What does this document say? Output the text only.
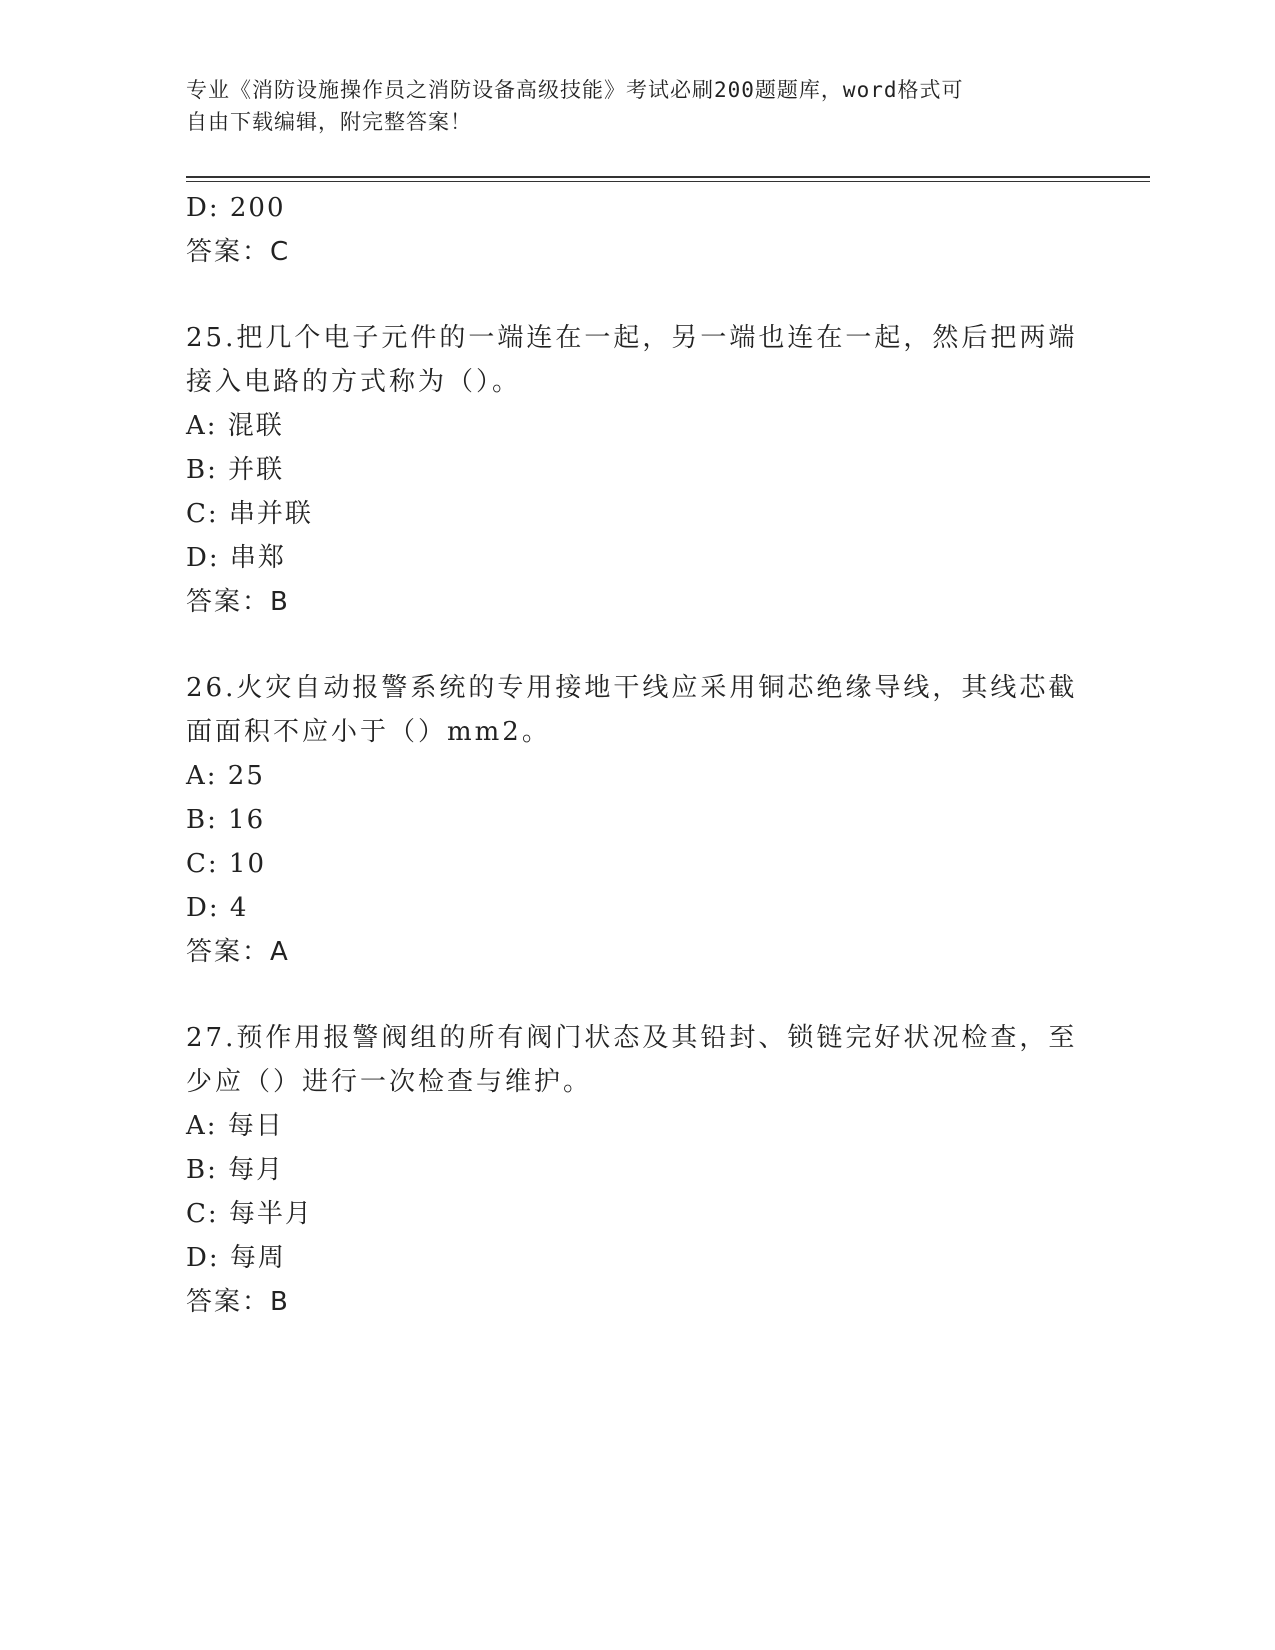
专业《消防设施操作员之消防设备高级技能》考试必刷200题题库，word格式可
自由下载编辑，附完整答案！
D: 200
答案：C
25.把几个电子元件的一端连在一起，另一端也连在一起，然后把两端
接入电路的方式称为（）。
A: 混联
B: 并联
C: 串并联
D: 串郑
答案：B
26.火灾自动报警系统的专用接地干线应采用铜芯绝缘导线，其线芯截
面面积不应小于（）mm2。
A: 25
B: 16
C: 10
D: 4
答案：A
27.预作用报警阀组的所有阀门状态及其铅封、锁链完好状况检查，至
少应（）进行一次检查与维护。
A: 每日
B: 每月
C: 每半月
D: 每周
答案：B
